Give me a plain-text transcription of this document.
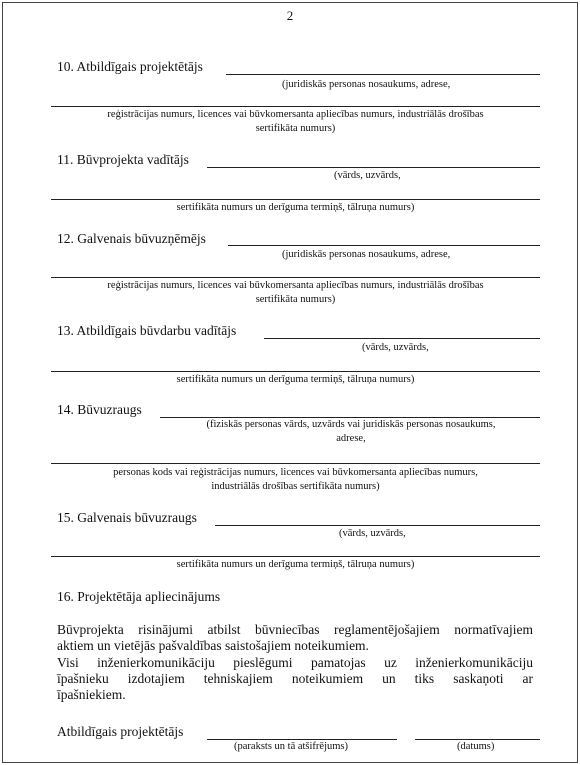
2
10. Atbildīgais projektētājs
(juridiskās personas nosaukums, adrese,
reģistrācijas numurs, licences vai būvkomersanta apliecības numurs, industriālās drošības
sertifikāta numurs)
11. Būvprojekta vadītājs
(vārds, uzvārds,
sertifikāta numurs un derīguma termiņš, tālruņa numurs)
12. Galvenais būvuzņēmējs
(juridiskās personas nosaukums, adrese,
reģistrācijas numurs, licences vai būvkomersanta apliecības numurs, industriālās drošības
sertifikāta numurs)
13. Atbildīgais būvdarbu vadītājs
(vārds, uzvārds,
sertifikāta numurs un derīguma termiņš, tālruņa numurs)
14. Būvuzraugs
(fiziskās personas vārds, uzvārds vai juridiskās personas nosaukums,
adrese,
personas kods vai reģistrācijas numurs, licences vai būvkomersanta apliecības numurs,
industriālās drošības sertifikāta numurs)
15. Galvenais būvuzraugs
(vārds, uzvārds,
sertifikāta numurs un derīguma termiņš, tālruņa numurs)
16. Projektētāja apliecinājums
Būvprojekta risinājumi atbilst būvniecības reglamentējošajiem normatīvajiem
aktiem un vietējās pašvaldības saistošajiem noteikumiem.
Visi inženierkomunikāciju pieslēgumi pamatojas uz inženierkomunikāciju
īpašnieku izdotajiem tehniskajiem noteikumiem un tiks saskaņoti ar
īpašniekiem.
Atbildīgais projektētājs
(paraksts un tā atšifrējums)	(datums)
